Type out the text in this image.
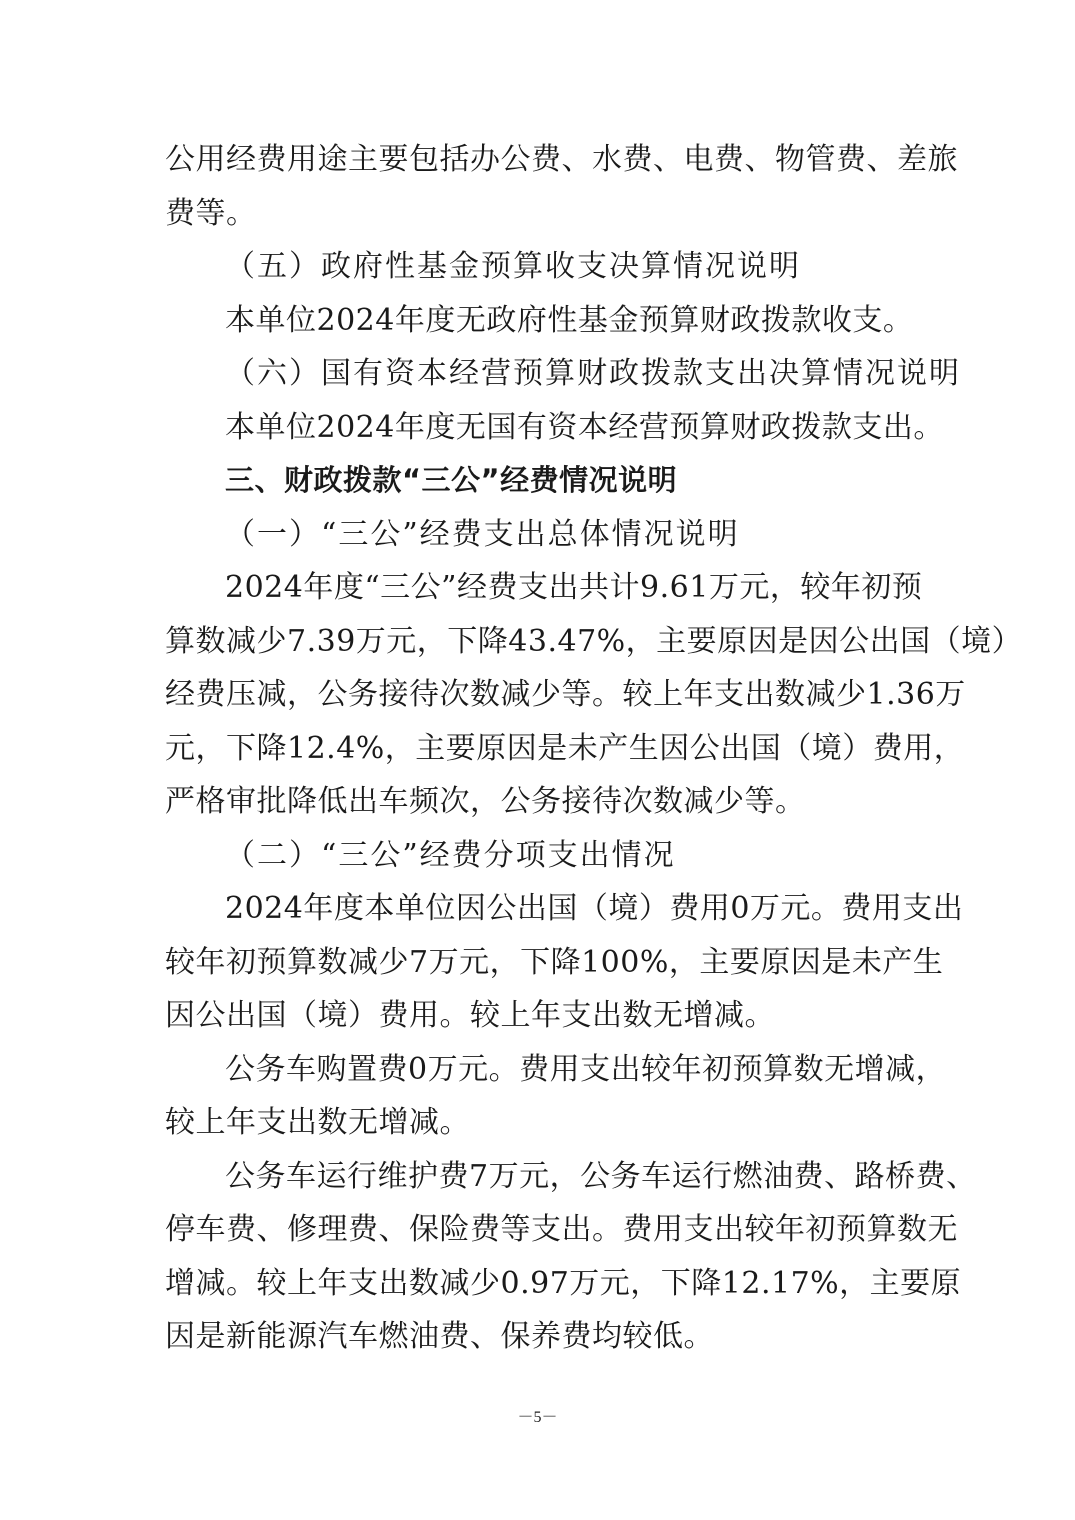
公用经费用途主要包括办公费、水费、电费、物管费、差旅
费等。
（五）政府性基金预算收支决算情况说明
本单位2024年度无政府性基金预算财政拨款收支。
（六）国有资本经营预算财政拨款支出决算情况说明
本单位2024年度无国有资本经营预算财政拨款支出。
三、财政拨款“三公”经费情况说明
（一）“三公”经费支出总体情况说明
2024年度“三公”经费支出共计9.61万元，较年初预
算数减少7.39万元，下降43.47%，主要原因是因公出国（境）
经费压减，公务接待次数减少等。较上年支出数减少1.36万
元，下降12.4%，主要原因是未产生因公出国（境）费用，
严格审批降低出车频次，公务接待次数减少等。
（二）“三公”经费分项支出情况
2024年度本单位因公出国（境）费用0万元。费用支出
较年初预算数减少7万元，下降100%，主要原因是未产生
因公出国（境）费用。较上年支出数无增减。
公务车购置费0万元。费用支出较年初预算数无增减，
较上年支出数无增减。
公务车运行维护费7万元，公务车运行燃油费、路桥费、
停车费、修理费、保险费等支出。费用支出较年初预算数无
增减。较上年支出数减少0.97万元，下降12.17%，主要原
因是新能源汽车燃油费、保养费均较低。
－5－
